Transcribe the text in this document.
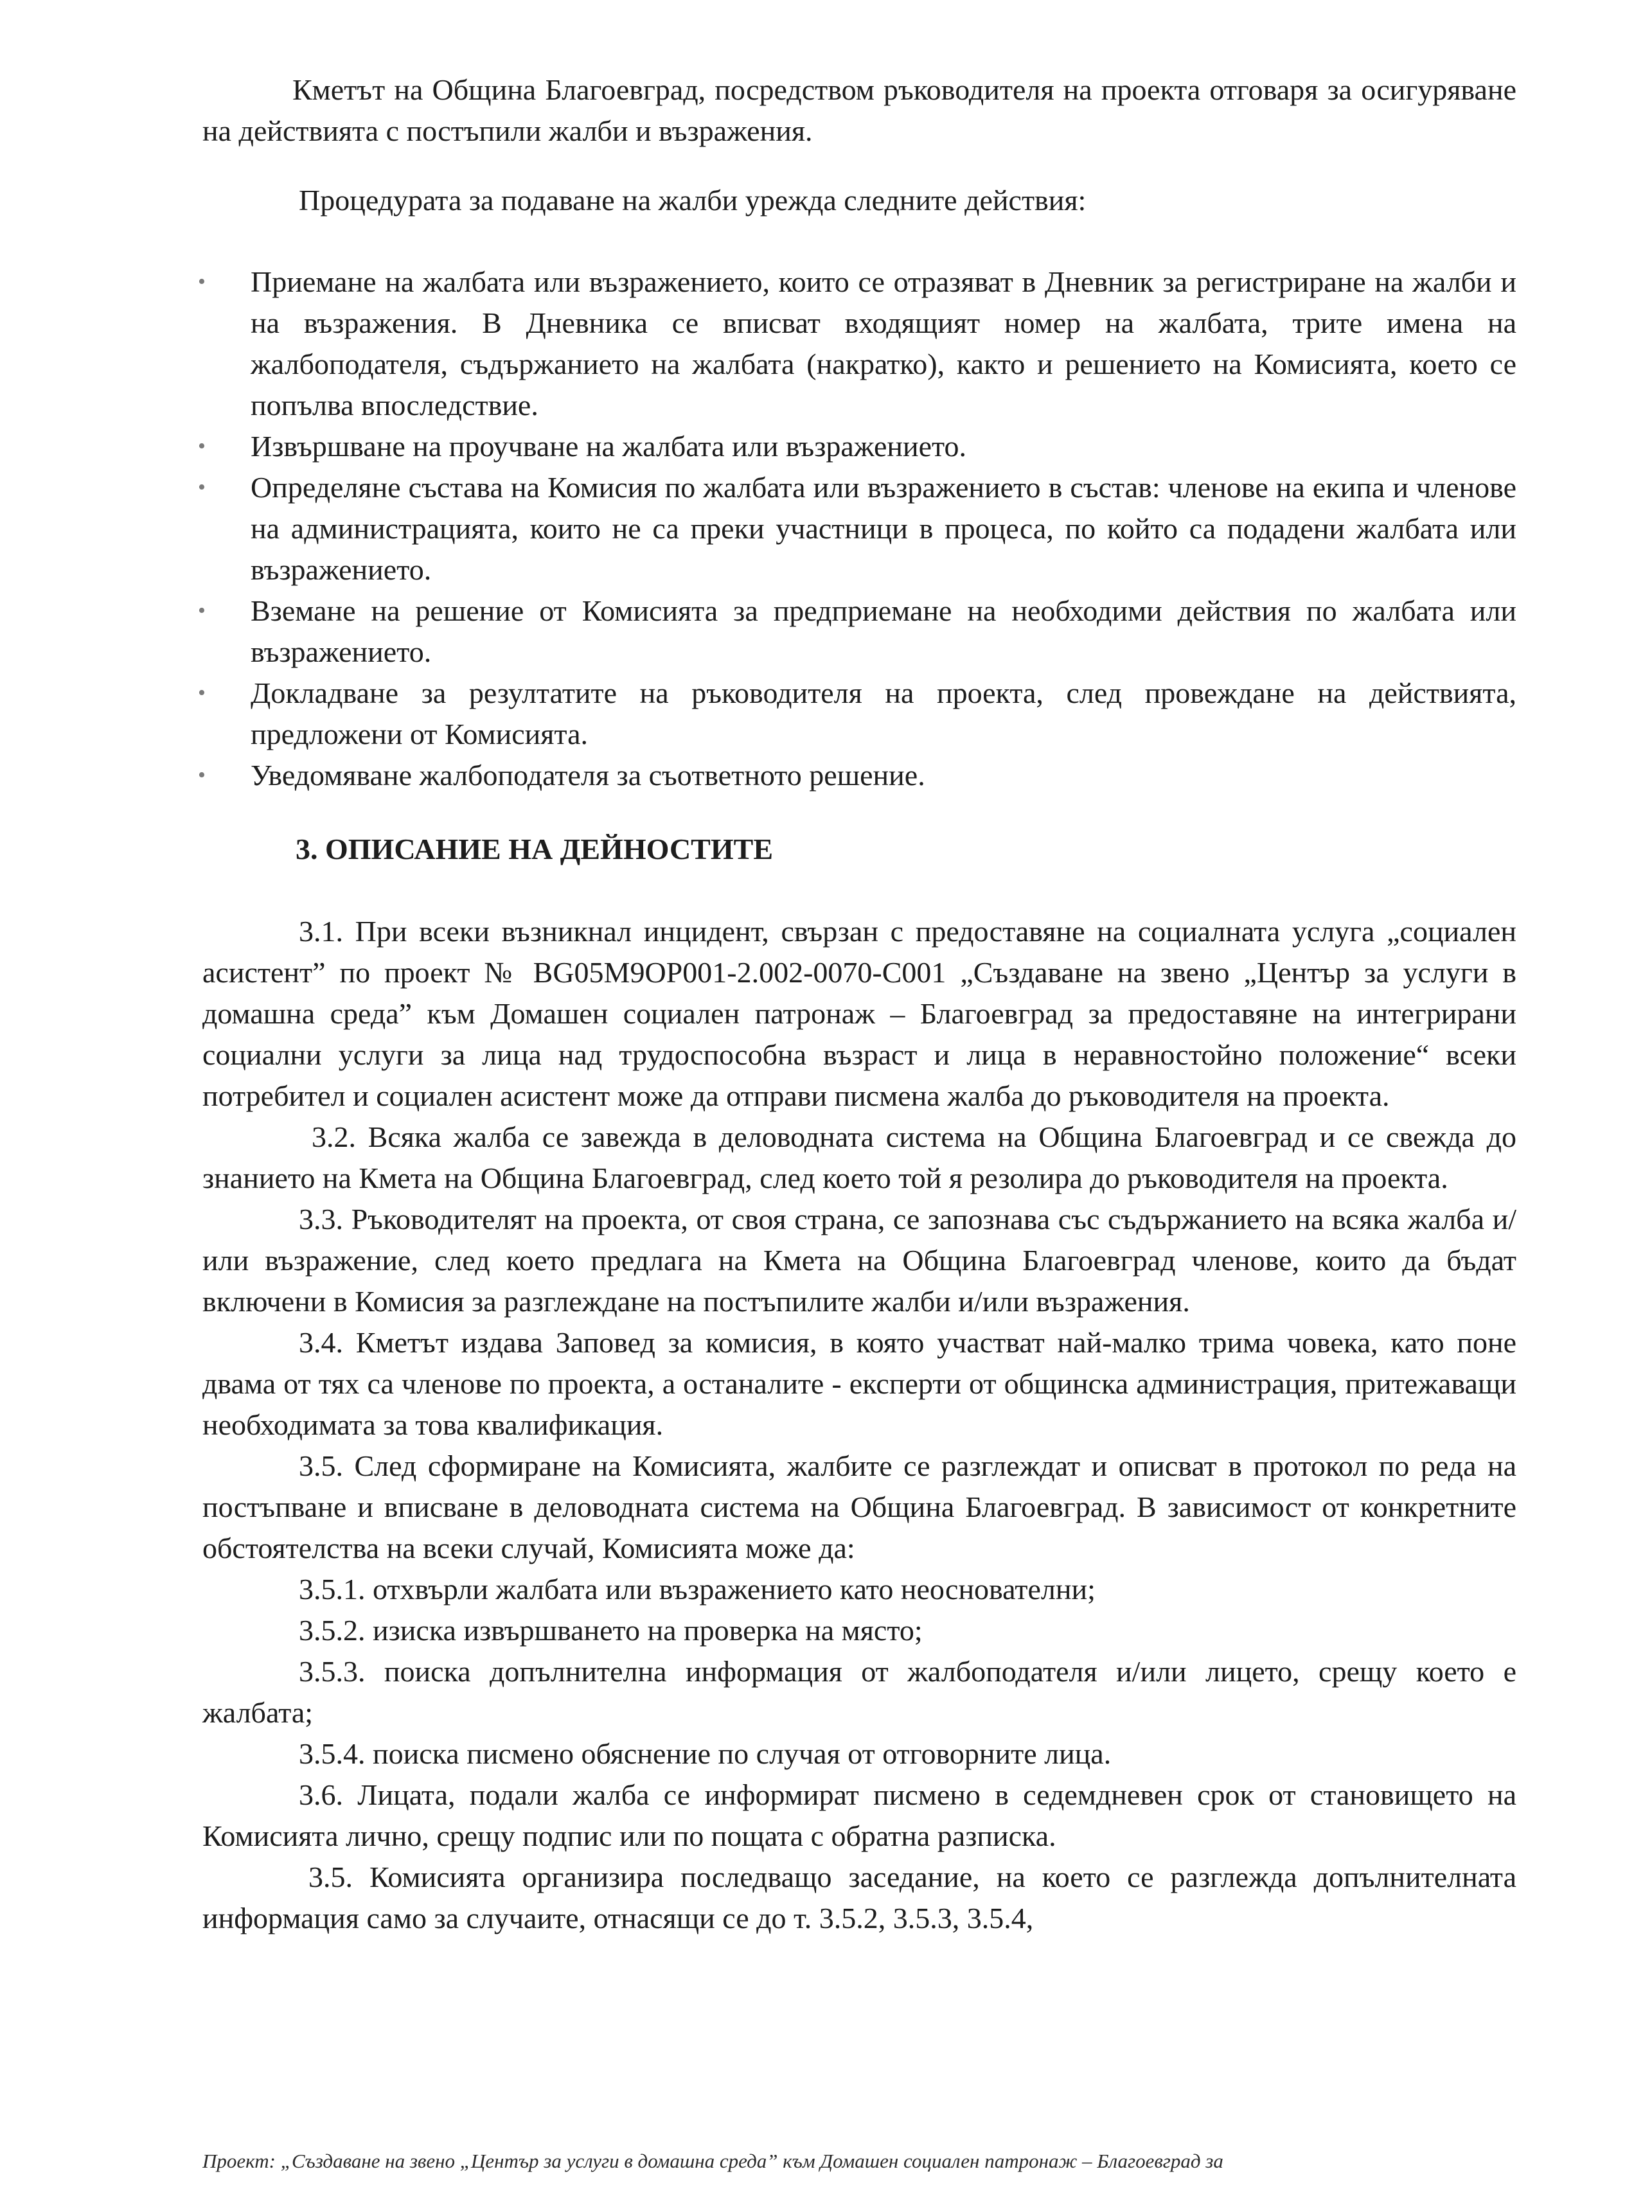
Кметът на Община Благоевград, посредством ръководителя на проекта отговаря за осигуряване на действията с постъпили жалби и възражения.

Процедурата за подаване на жалби урежда следните действия:

• Приемане на жалбата или възражението, които се отразяват в Дневник за регистриране на жалби и на възражения. В Дневника се вписват входящият номер на жалбата, трите имена на жалбоподателя, съдържанието на жалбата (накратко), както и решението на Комисията, което се попълва впоследствие.
• Извършване на проучване на жалбата или възражението.
• Определяне състава на Комисия по жалбата или възражението в състав: членове на екипа и членове на администрацията, които не са преки участници в процеса, по който са подадени жалбата или възражението.
• Вземане на решение от Комисията за предприемане на необходими действия по жалбата или възражението.
• Докладване за резултатите на ръководителя на проекта, след провеждане на действията, предложени от Комисията.
• Уведомяване жалбоподателя за съответното решение.
3. ОПИСАНИЕ НА ДЕЙНОСТИТЕ

3.1. При всеки възникнал инцидент, свързан с предоставяне на социалната услуга „социален асистент” по проект № BG05M9OP001-2.002-0070-C001 „Създаване на звено „Център за услуги в домашна среда” към Домашен социален патронаж – Благоевград за предоставяне на интегрирани социални услуги за лица над трудоспособна възраст и лица в неравностойно положение“ всеки потребител и социален асистент може да отправи писмена жалба до ръководителя на проекта.

3.2. Всяка жалба се завежда в деловодната система на Община Благоевград и се свежда до знанието на Кмета на Община Благоевград, след което той я резолира до ръководителя на проекта.

3.3. Ръководителят на проекта, от своя страна, се запознава със съдържанието на всяка жалба и/или възражение, след което предлага на Кмета на Община Благоевград членове, които да бъдат включени в Комисия за разглеждане на постъпилите жалби и/или възражения.

3.4. Кметът издава Заповед за комисия, в която участват най-малко трима човека, като поне двама от тях са членове по проекта, а останалите - експерти от общинска администрация, притежаващи необходимата за това квалификация.

3.5. След сформиране на Комисията, жалбите се разглеждат и описват в протокол по реда на постъпване и вписване в деловодната система на Община Благоевград. В зависимост от конкретните обстоятелства на всеки случай, Комисията може да:

3.5.1. отхвърли жалбата или възражението като неоснователни;

3.5.2. изиска извършването на проверка на място;

3.5.3. поиска допълнителна информация от жалбоподателя и/или лицето, срещу което е жалбата;

3.5.4. поиска писмено обяснение по случая от отговорните лица.

3.6. Лицата, подали жалба се информират писмено в седемдневен срок от становището на Комисията лично, срещу подпис или по пощата с обратна разписка.

3.5. Комисията организира последващо заседание, на което се разглежда допълнителната информация само за случаите, отнасящи се до т. 3.5.2, 3.5.3, 3.5.4,

Проект: „Създаване на звено „Център за услуги в домашна среда” към Домашен социален патронаж – Благоевград за
